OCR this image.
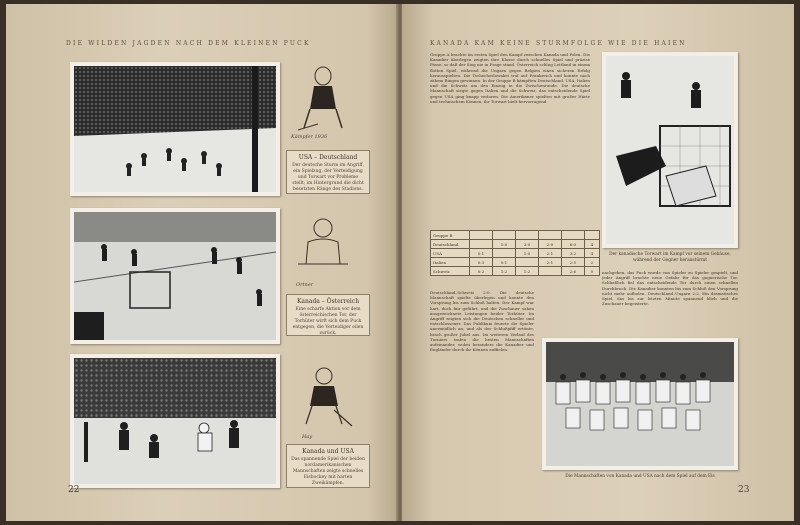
DIE WILDEN JAGDEN NACH DEM KLEINEN PUCK
Kämpfer 1936
USA – Deutschland
Der deutsche Sturm im Angriff, ein Spielzug, der Verteidigung und Torwart vor Probleme stellt; im Hintergrund die dicht besetzten Ränge des Stadions.
Ortner
Kanada – Österreich
Eine scharfe Aktion vor dem österreichischen Tor, der Torhüter wirft sich dem Puck entgegen, die Verteidiger eilen zurück.
Hay
Kanada und USA
Das spannende Spiel der beiden nordamerikanischen Mannschaften zeigte schnelles Eishockey mit harten Zweikämpfen.
22
KANADA KAM KEINE STURMFOLGE WIE DIE HAIEN
Gruppe A brachte im ersten Spiel den Kampf zwischen Kanada und Polen. Die Kanadier überlegen zeigten ihre Klasse durch schnelles Spiel und präzise Pässe, so daß der Sieg nie in Frage stand. Österreich schlug Lettland in einem flotten Spiel, während die Ungarn gegen Belgien einen sicheren Erfolg herausspielten. Die Tschechoslowakei traf auf Frankreich und konnte nach zähem Ringen gewinnen. In der Gruppe B kämpften Deutschland, USA, Italien und die Schweiz um den Einzug in die Zwischenrunde. Die deutsche Mannschaft siegte gegen Italien und die Schweiz, das entscheidende Spiel gegen USA ging knapp verloren. Die Amerikaner spielten mit großer Härte und technischem Können, ihr Torwart hielt hervorragend.
Der kanadische Torwart im Kampf vor seinem Gehäuse, während der Gegner heranstürmt
Gruppe B						
Deutschland		1:0	3:0	2:0	6:0	4
USA	0:1		1:0	2:1	3:2	4
Italien	0:3	0:1		2:1	2:5	2
Schweiz	0:2	1:2	1:2		2:6	0
Deutschland–Schweiz 2:0. Die deutsche Mannschaft spielte überlegen und konnte den Vorsprung bis zum Schluß halten. Der Kampf war hart, doch fair geführt, und die Zuschauer sahen ausgezeichnete Leistungen beider Torhüter. Im Angriff zeigten sich die Deutschen schneller und entschlossener. Das Publikum feuerte die Spieler unermüdlich an, und als der Schlußpfiff ertönte, brach großer Jubel aus. Im weiteren Verlauf des Turniers trafen die besten Mannschaften aufeinander, wobei besonders die Kanadier und Engländer durch ihr Können auffielen.
nachgeben, das Puck wurde von Spieler zu Spieler gespielt, und jeder Angriff brachte neue Gefahr für das gegnerische Tor. Schließlich fiel das entscheidende Tor durch einen schnellen Durchbruch. Die Kanadier konnten bis zum Schluß den Vorsprung nicht mehr aufholen. Deutschland–Ungarn 2:2. Ein dramatisches Spiel, das bis zur letzten Minute spannend blieb und die Zuschauer begeisterte.
Die Mannschaften von Kanada und USA nach dem Spiel auf dem Eis
23
